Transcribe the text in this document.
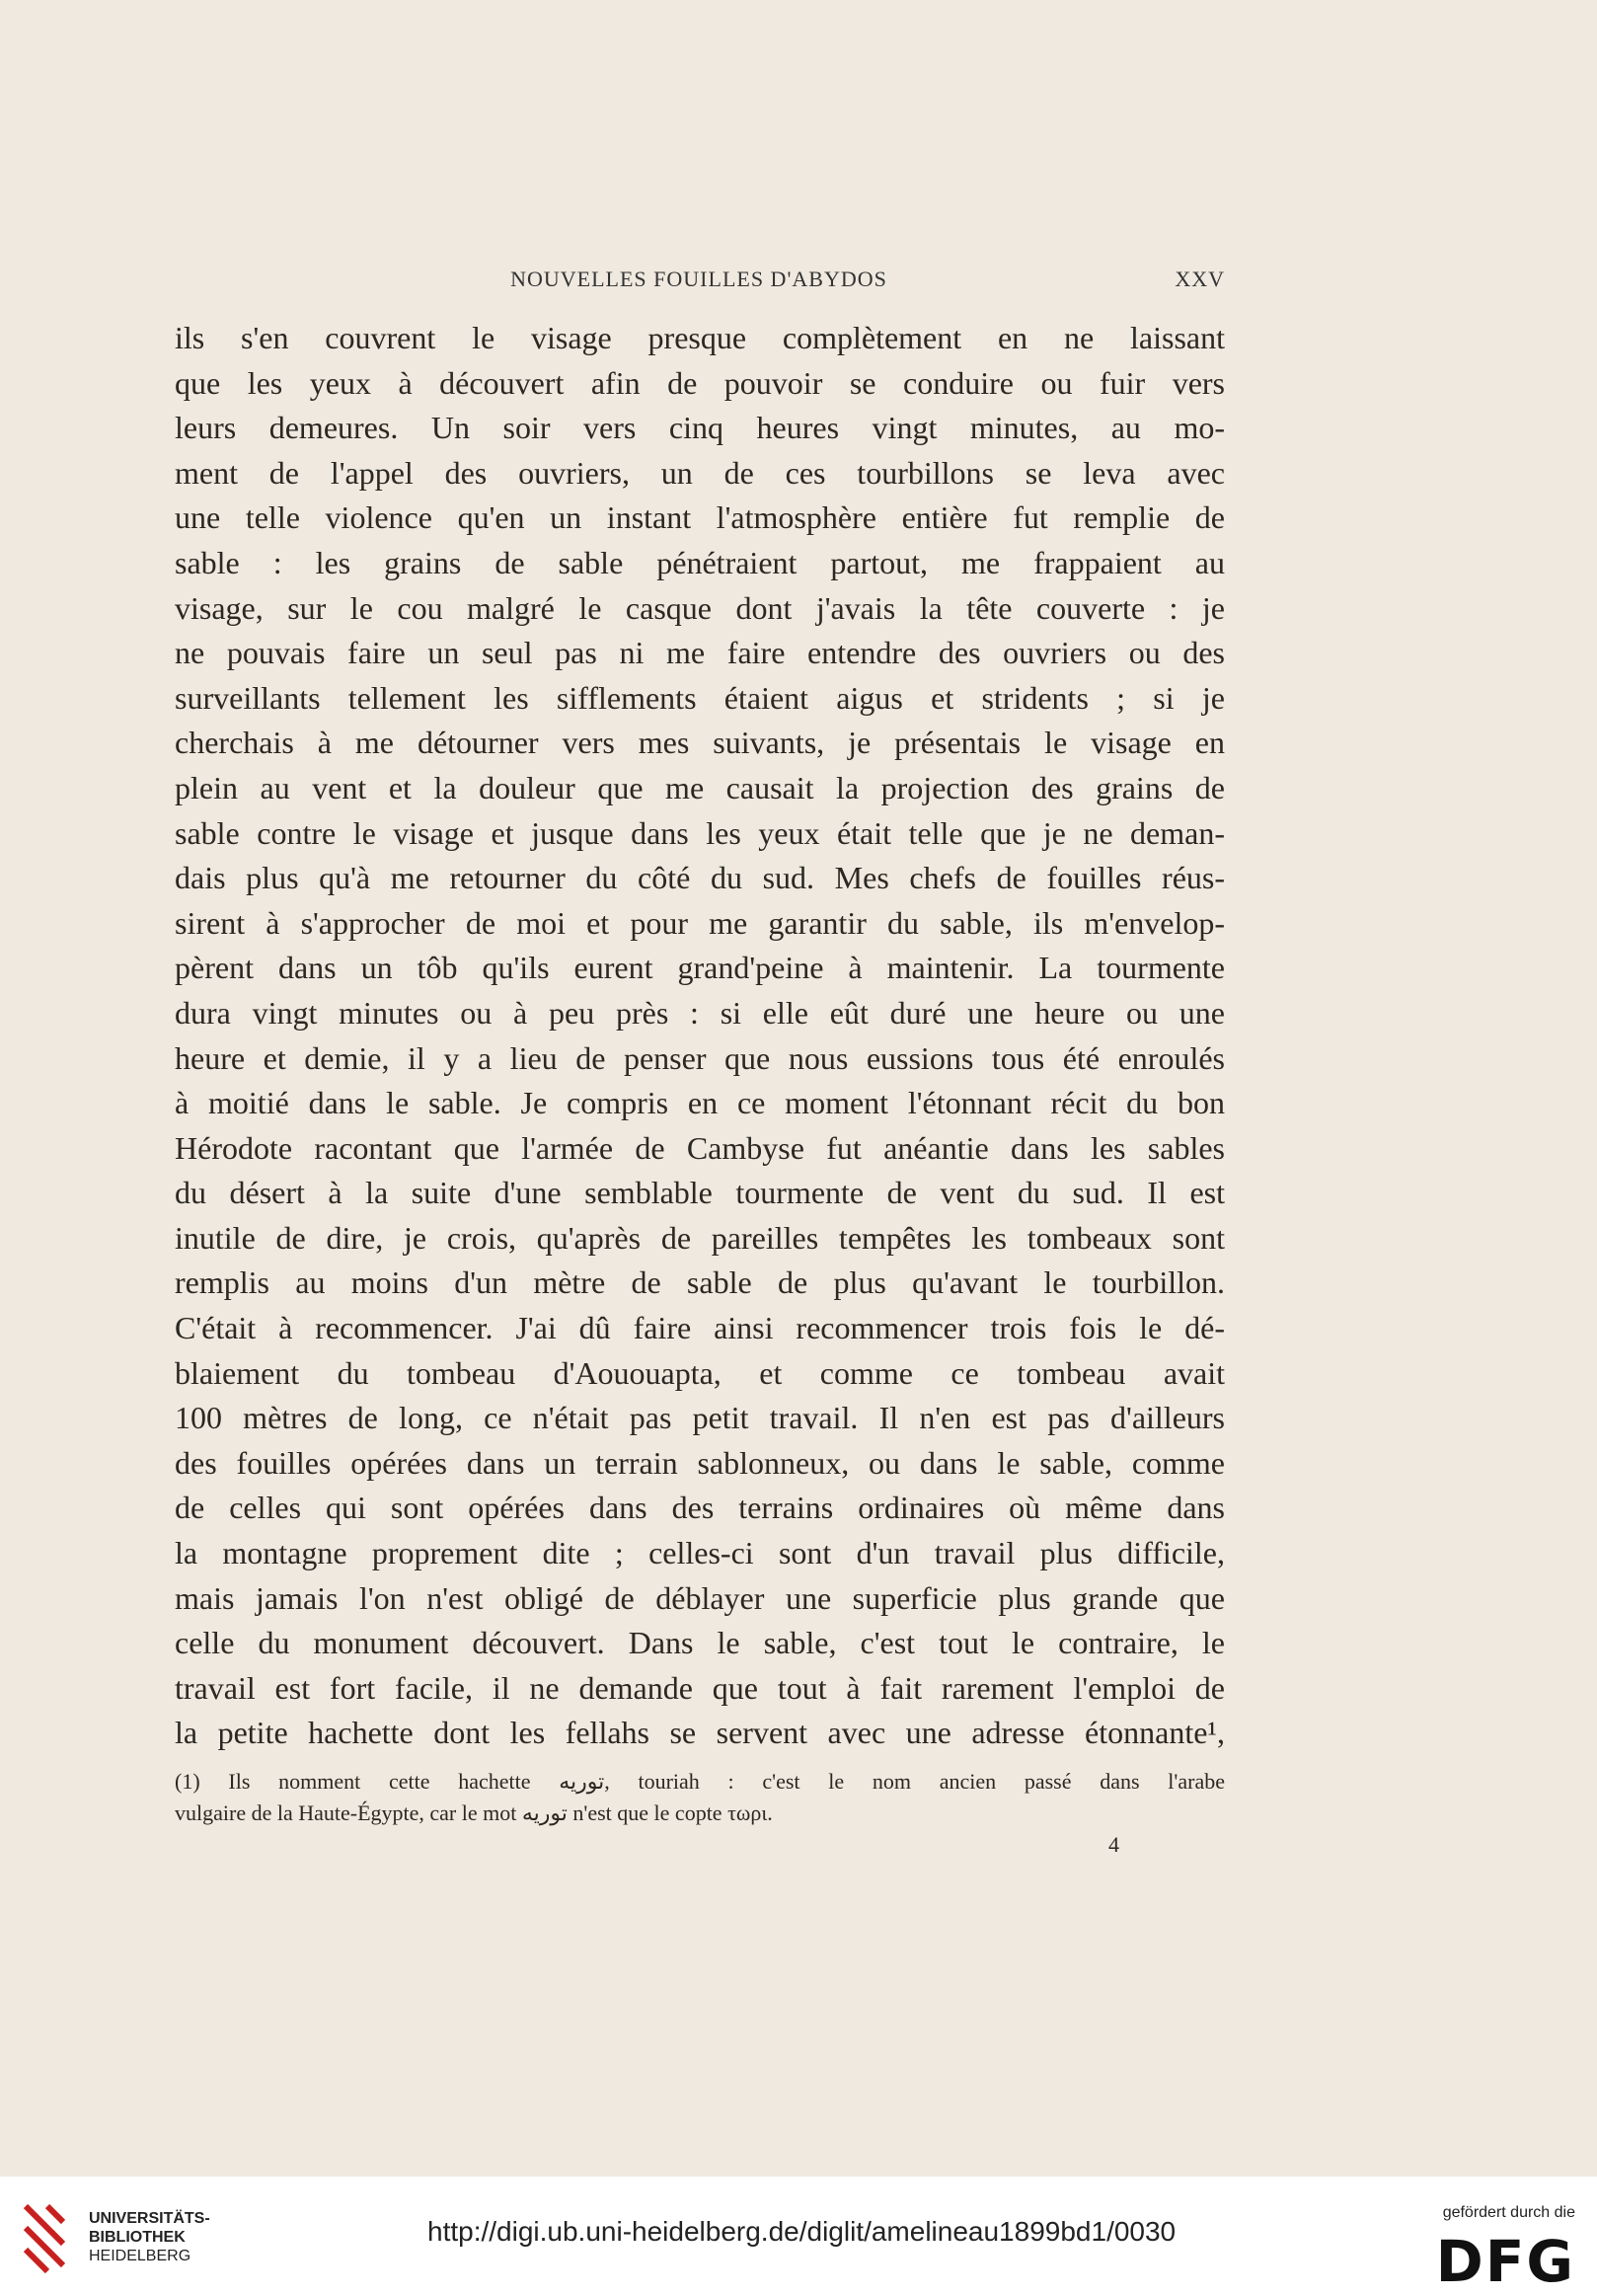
NOUVELLES FOUILLES D'ABYDOS	XXV
ils s'en couvrent le visage presque complètement en ne laissant
que les yeux à découvert afin de pouvoir se conduire ou fuir vers
leurs demeures. Un soir vers cinq heures vingt minutes, au mo-
ment de l'appel des ouvriers, un de ces tourbillons se leva avec
une telle violence qu'en un instant l'atmosphère entière fut remplie de
sable : les grains de sable pénétraient partout, me frappaient au
visage, sur le cou malgré le casque dont j'avais la tête couverte : je
ne pouvais faire un seul pas ni me faire entendre des ouvriers ou des
surveillants tellement les sifflements étaient aigus et stridents ; si je
cherchais à me détourner vers mes suivants, je présentais le visage en
plein au vent et la douleur que me causait la projection des grains de
sable contre le visage et jusque dans les yeux était telle que je ne deman-
dais plus qu'à me retourner du côté du sud. Mes chefs de fouilles réus-
sirent à s'approcher de moi et pour me garantir du sable, ils m'envelop-
pèrent dans un tôb qu'ils eurent grand'peine à maintenir. La tourmente
dura vingt minutes ou à peu près : si elle eût duré une heure ou une
heure et demie, il y a lieu de penser que nous eussions tous été enroulés
à moitié dans le sable. Je compris en ce moment l'étonnant récit du bon
Hérodote racontant que l'armée de Cambyse fut anéantie dans les sables
du désert à la suite d'une semblable tourmente de vent du sud. Il est
inutile de dire, je crois, qu'après de pareilles tempêtes les tombeaux sont
remplis au moins d'un mètre de sable de plus qu'avant le tourbillon.
C'était à recommencer. J'ai dû faire ainsi recommencer trois fois le dé-
blaiement du tombeau d'Aououapta, et comme ce tombeau avait
100 mètres de long, ce n'était pas petit travail. Il n'en est pas d'ailleurs
des fouilles opérées dans un terrain sablonneux, ou dans le sable, comme
de celles qui sont opérées dans des terrains ordinaires où même dans
la montagne proprement dite ; celles-ci sont d'un travail plus difficile,
mais jamais l'on n'est obligé de déblayer une superficie plus grande que
celle du monument découvert. Dans le sable, c'est tout le contraire, le
travail est fort facile, il ne demande que tout à fait rarement l'emploi de
la petite hachette dont les fellahs se servent avec une adresse étonnante¹,
(1) Ils nomment cette hachette توريه, touriah : c'est le nom ancien passé dans l'arabe
vulgaire de la Haute-Égypte, car le mot توريه n'est que le copte τωρι.
4
UNIVERSITÄTS-
BIBLIOTHEK
HEIDELBERG
http://digi.ub.uni-heidelberg.de/diglit/amelineau1899bd1/0030
gefördert durch die
DFG
